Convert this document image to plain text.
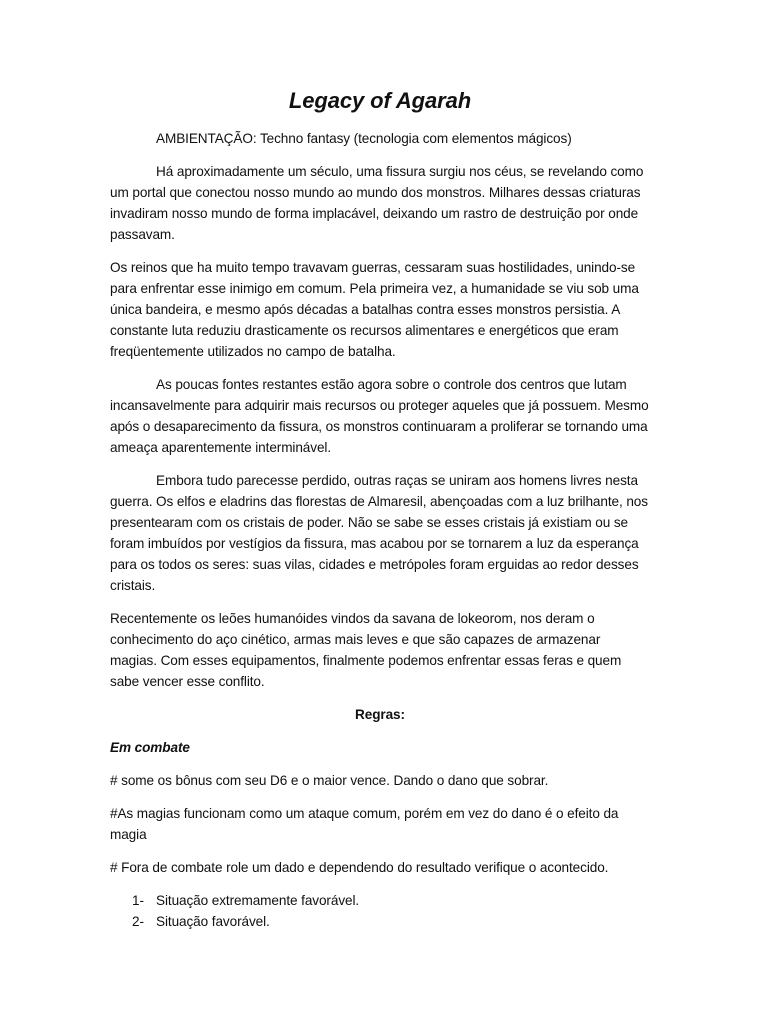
Legacy of Agarah

AMBIENTAÇÃO: Techno fantasy (tecnologia com elementos mágicos)

Há aproximadamente um século, uma fissura surgiu nos céus, se revelando como um portal que conectou nosso mundo ao mundo dos monstros. Milhares dessas criaturas invadiram nosso mundo de forma implacável, deixando um rastro de destruição por onde passavam.

Os reinos que ha muito tempo travavam guerras, cessaram suas hostilidades, unindo-se para enfrentar esse inimigo em comum. Pela primeira vez, a humanidade se viu sob uma única bandeira, e mesmo após décadas a batalhas contra esses monstros persistia. A constante luta reduziu drasticamente os recursos alimentares e energéticos que eram freqüentemente utilizados no campo de batalha.

As poucas fontes restantes estão agora sobre o controle dos centros que lutam incansavelmente para adquirir mais recursos ou proteger aqueles que já possuem. Mesmo após o desaparecimento da fissura, os monstros continuaram a proliferar se tornando uma ameaça aparentemente interminável.

Embora tudo parecesse perdido, outras raças se uniram aos homens livres nesta guerra. Os elfos e eladrins das florestas de Almaresil, abençoadas com a luz brilhante, nos presentearam com os cristais de poder. Não se sabe se esses cristais já existiam ou se foram imbuídos por vestígios da fissura, mas acabou por se tornarem a luz da esperança para os todos os seres: suas vilas, cidades e metrópoles foram erguidas ao redor desses cristais.

Recentemente os leões humanóides vindos da savana de lokeorom, nos deram o conhecimento do aço cinético, armas mais leves e que são capazes de armazenar magias. Com esses equipamentos, finalmente podemos enfrentar essas feras e quem sabe vencer esse conflito.

Regras:

Em combate

# some os bônus com seu D6 e o maior vence. Dando o dano que sobrar.

#As magias funcionam como um ataque comum, porém em vez do dano é o efeito da magia

# Fora de combate role um dado e dependendo do resultado verifique o acontecido.

1- Situação extremamente favorável.
2- Situação favorável.
